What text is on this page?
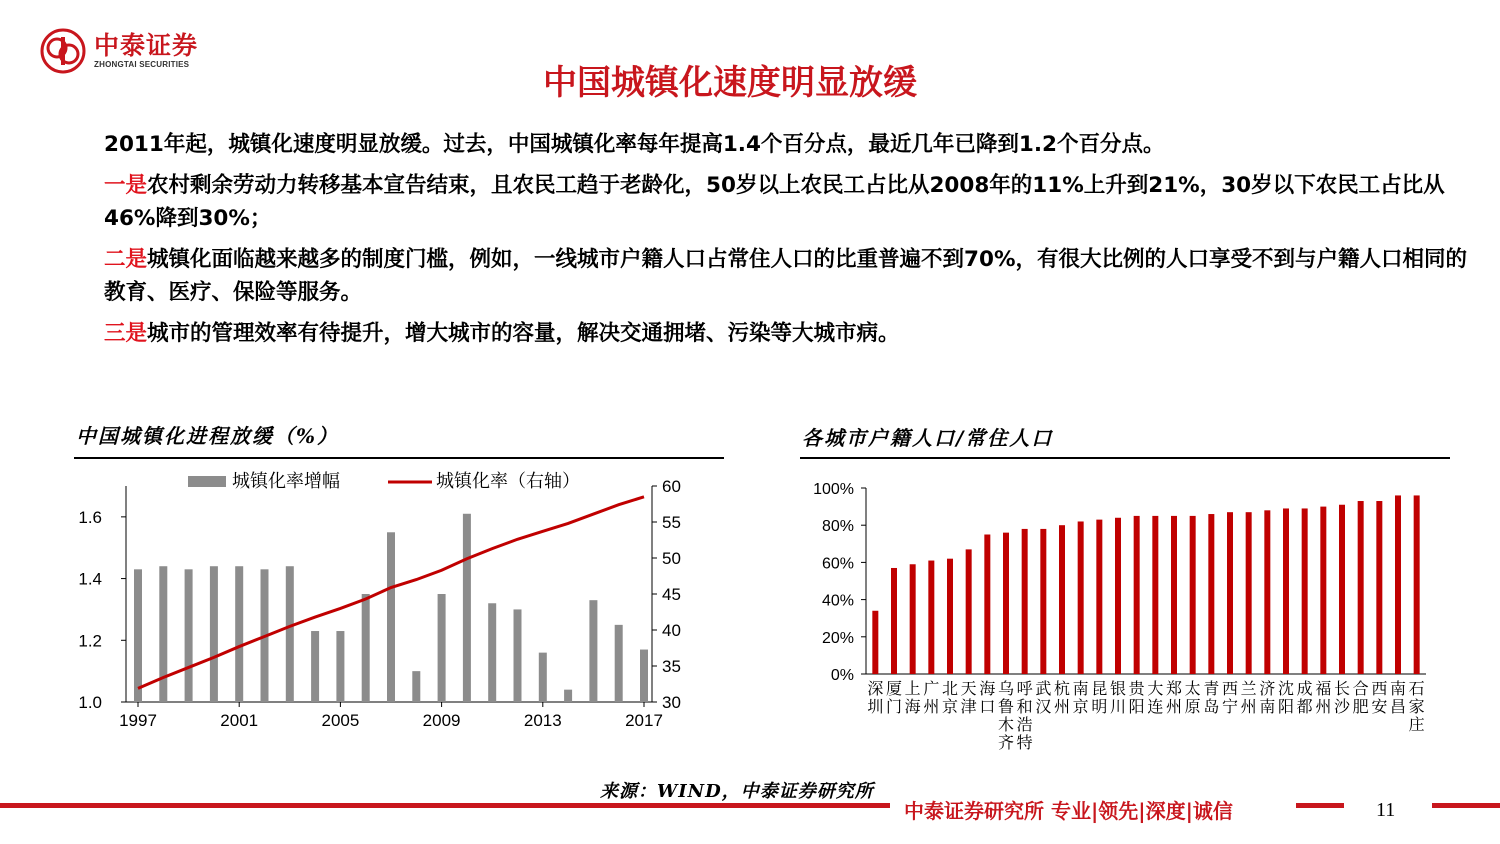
中泰证券
ZHONGTAI SECURITIES	中国城镇化速度明显放缓

2011年起，城镇化速度明显放缓。过去，中国城镇化率每年提高1.4个百分点，最近几年已降到1.2个百分点。

一是农村剩余劳动力转移基本宣告结束，且农民工趋于老龄化，50岁以上农民工占比从2008年的11%上升到21%，30岁以下农民工占比从46%降到30%；

二是城镇化面临越来越多的制度门槛，例如，一线城市户籍人口占常住人口的比重普遍不到70%，有很大比例的人口享受不到与户籍人口相同的教育、医疗、保险等服务。

三是城市的管理效率有待提升，增大城市的容量，解决交通拥堵、污染等大城市病。

中国城镇化进程放缓（%）
1.0
1.2
1.4
1.6
30
35
40
45
50
55
60
1997	2001	2005	2009	2013	2017
城镇化率增幅	城镇化率（右轴）
各城市户籍人口/常住人口
0%
20%
40%
60%
80%
100%
深
圳
厦
门
上
海
广
州
北
京
天
津
海
口
乌
鲁
木
齐
呼
和
浩
特
武
汉
杭
州
南
京
昆
明
银
川
贵
阳
大
连
郑
州
太
原
青
岛
西
宁
兰
州
济
南
沈
阳
成
都
福
州
长
沙
合
肥
西
安
南
昌
石
家
庄
来源：WIND，中泰证券研究所
中泰证券研究所 专业|领先|深度|诚信	11
